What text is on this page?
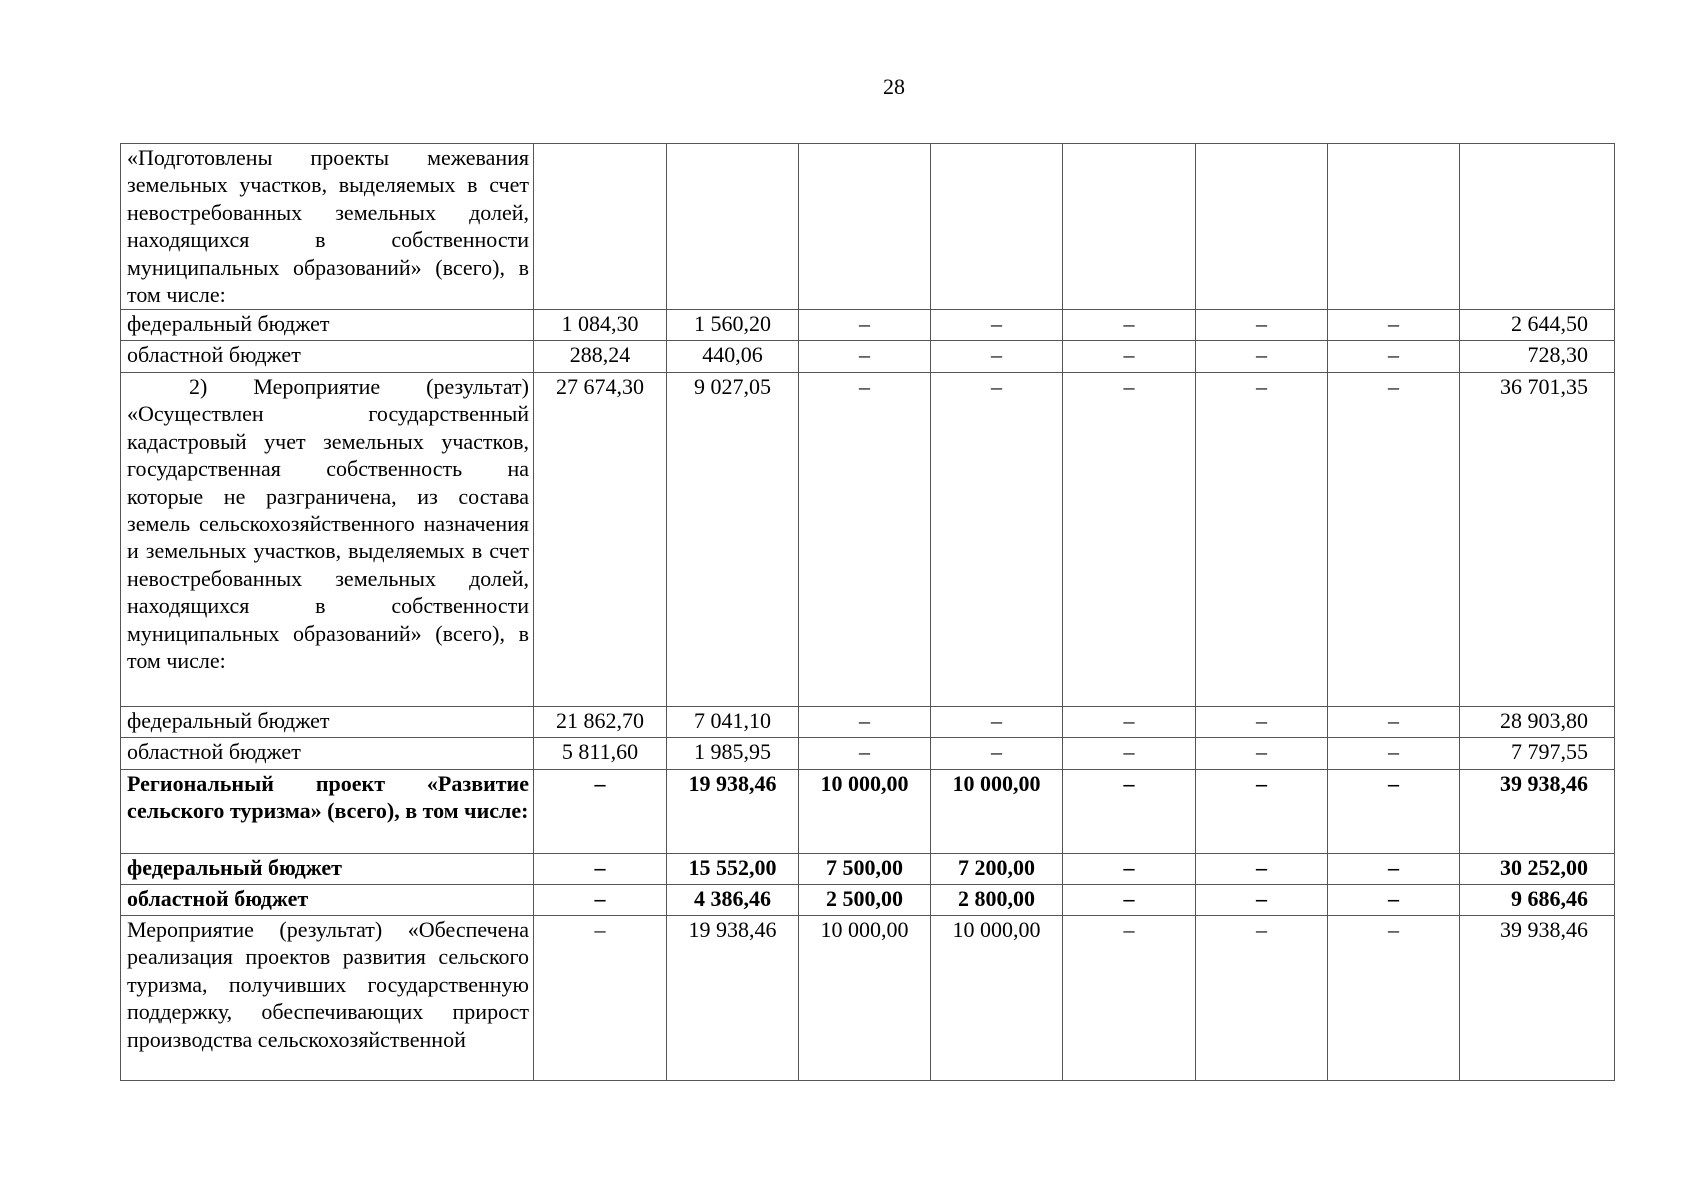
28
«Подготовлены проекты межевания земельных участков, выделяемых в счет невостребованных земельных долей, находящихся в собственности муниципальных образований» (всего), в том числе:								
федеральный бюджет	1 084,30	1 560,20	–	–	–	–	–	2 644,50
областной бюджет	288,24	440,06	–	–	–	–	–	728,30
2) Мероприятие (результат) «Осуществлен государственный кадастровый учет земельных участков, государственная собственность на которые не разграничена, из состава земель сельскохозяйственного назначения и земельных участков, выделяемых в счет невостребованных земельных долей, находящихся в собственности муниципальных образований» (всего), в том числе:	27 674,30	9 027,05	–	–	–	–	–	36 701,35
федеральный бюджет	21 862,70	7 041,10	–	–	–	–	–	28 903,80
областной бюджет	5 811,60	1 985,95	–	–	–	–	–	7 797,55
Региональный проект «Развитие сельского туризма» (всего), в том числе:	–	19 938,46	10 000,00	10 000,00	–	–	–	39 938,46
федеральный бюджет	–	15 552,00	7 500,00	7 200,00	–	–	–	30 252,00
областной бюджет	–	4 386,46	2 500,00	2 800,00	–	–	–	9 686,46
Мероприятие (результат) «Обеспечена реализация проектов развития сельского туризма, получивших государственную поддержку, обеспечивающих прирост производства сельскохозяйственной	–	19 938,46	10 000,00	10 000,00	–	–	–	39 938,46
